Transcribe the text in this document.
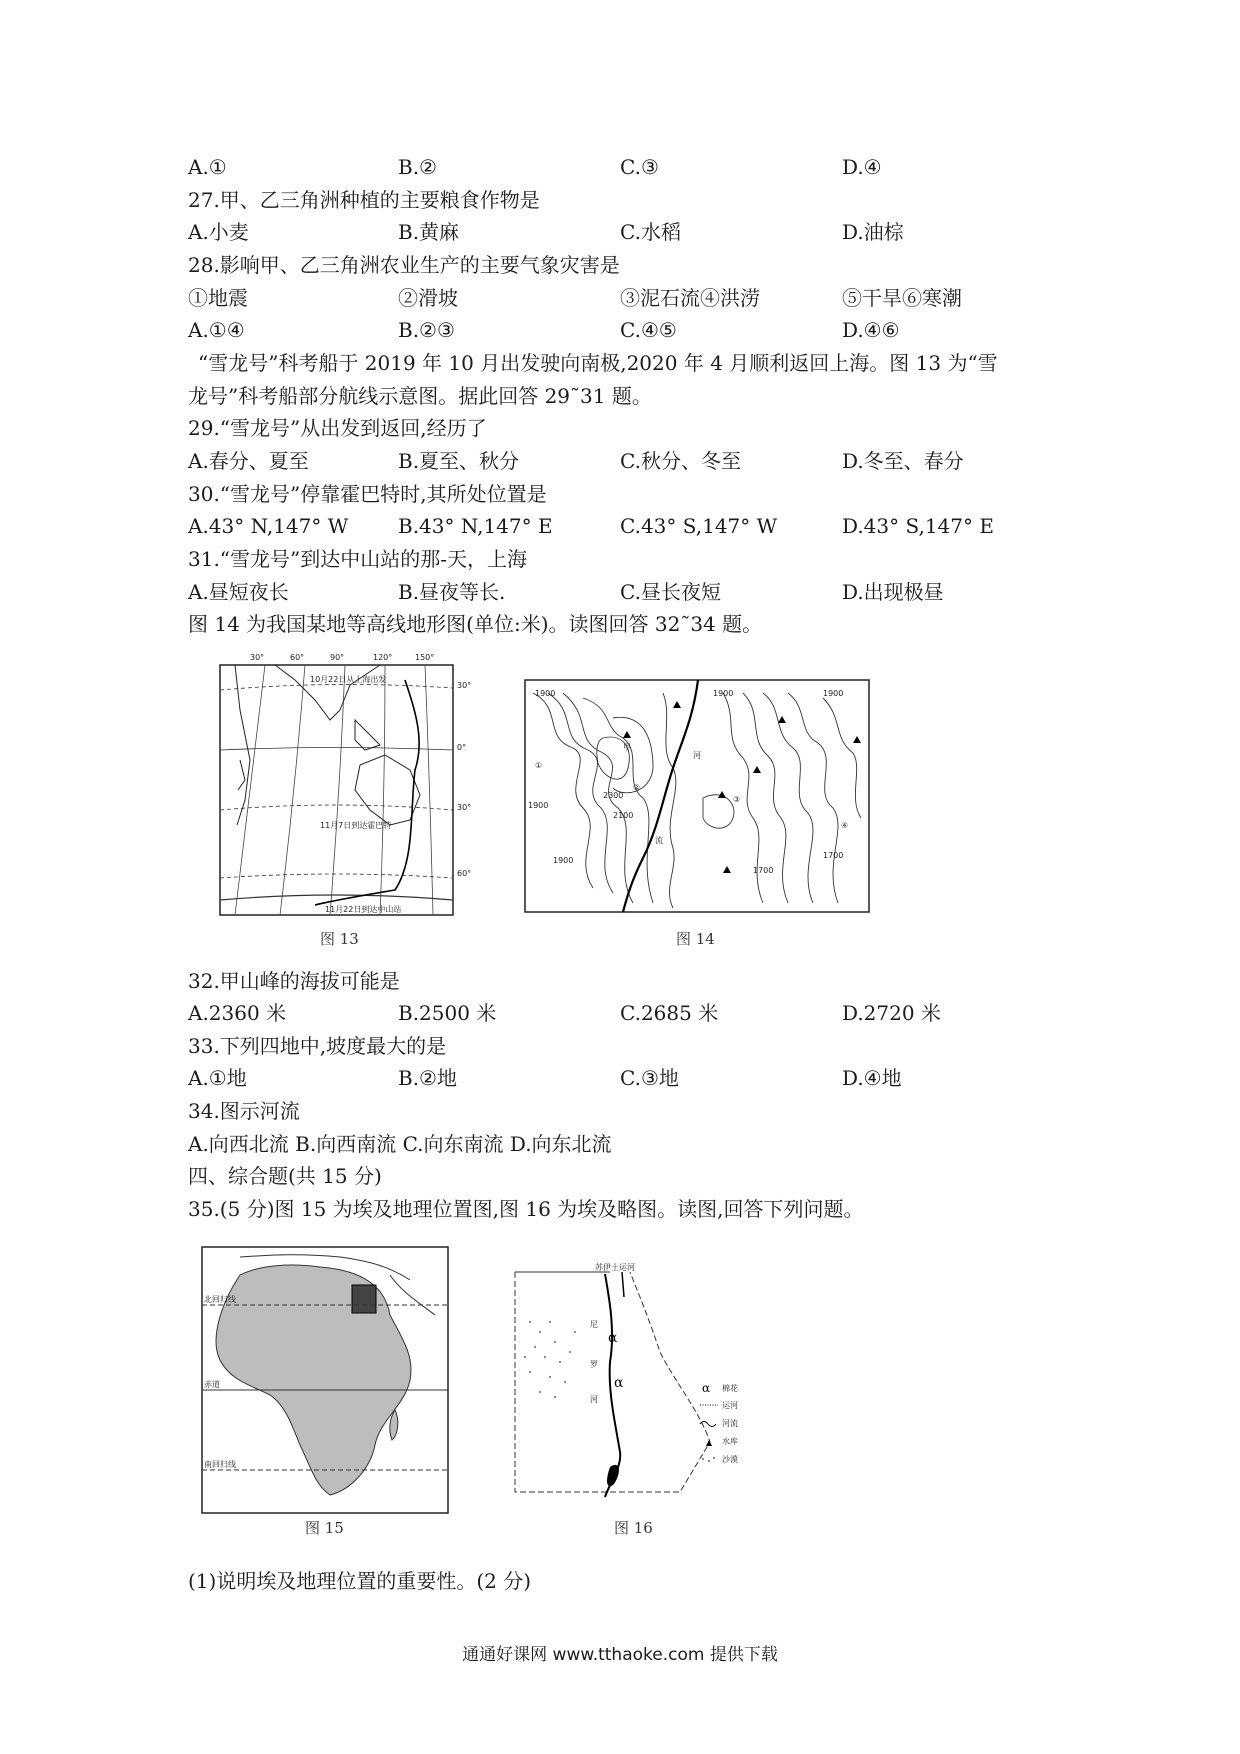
A.①	B.②	C.③	D.④
27.甲、乙三角洲种植的主要粮食作物是
A.小麦	B.黄麻	C.水稻	D.油棕
28.影响甲、乙三角洲农业生产的主要气象灾害是
①地震	②滑坡	③泥石流④洪涝	⑤干旱⑥寒潮
A.①④	B.②③	C.④⑤	D.④⑥
“雪龙号”科考船于 2019 年 10 月出发驶向南极,2020 年 4 月顺利返回上海。图 13 为“雪
龙号”科考船部分航线示意图。据此回答 29˜31 题。
29.“雪龙号”从出发到返回,经历了
A.春分、夏至	B.夏至、秋分	C.秋分、冬至	D.冬至、春分
30.“雪龙号”停靠霍巴特时,其所处位置是
A.43° N,147° W B.43° N,147° E	C.43° S,147° W	D.43° S,147° E
31.“雪龙号”到达中山站的那-天，上海
A.昼短夜长	B.昼夜等长.	C.昼长夜短	D.出现极昼
图 14 为我国某地等高线地形图(单位:米)。读图回答 32˜34 题。
30°	60°	90°	120°	150°
30°
0°
30°
60°
10月22日从上海出发
11月7日到达霍巴特
11月22日到达中山站
图 13
甲
①
②
③
④
1900	1900	1900
2300
2100
1900
1900
1700
1700
河
流
图 14
32.甲山峰的海拔可能是
A.2360 米	B.2500 米	C.2685 米	D.2720 米
33.下列四地中,坡度最大的是
A.①地	B.②地	C.③地	D.④地
34.图示河流
A.向西北流 B.向西南流 C.向东南流 D.向东北流
四、综合题(共 15 分)
35.(5 分)图 15 为埃及地理位置图,图 16 为埃及略图。读图,回答下列问题。
北回归线
赤道
南回归线
图 15
苏伊士运河
尼
罗
河
α
α	α 棉花
运河
河流
水库
沙漠
图 16
(1)说明埃及地理位置的重要性。(2 分)
通通好课网 www.tthaoke.com 提供下载
